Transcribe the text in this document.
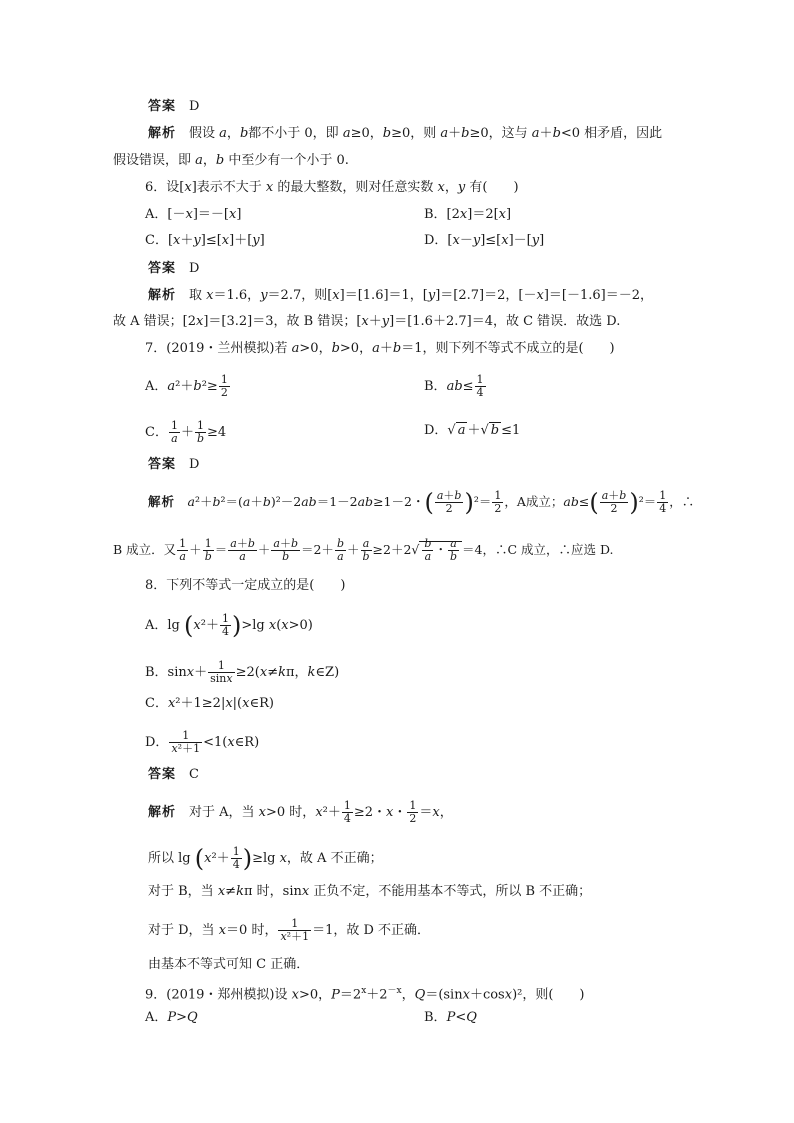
答案　D
解析　假设 a，b都不小于 0，即 a≥0，b≥0，则 a＋b≥0，这与 a＋b<0 相矛盾，因此
假设错误，即 a，b 中至少有一个小于 0.
6．设[x]表示不大于 x 的最大整数，则对任意实数 x，y 有(　　)
A．[－x]＝－[x]	B．[2x]＝2[x]
C．[x＋y]≤[x]＋[y]	D．[x－y]≤[x]－[y]
答案　D
解析　取 x＝1.6，y＝2.7，则[x]＝[1.6]＝1，[y]＝[2.7]＝2，[－x]＝[－1.6]＝－2，
故 A 错误；[2x]＝[3.2]＝3，故 B 错误；[x＋y]＝[1.6＋2.7]＝4，故 C 错误．故选 D.
7．(2019・兰州模拟)若 a>0，b>0，a＋b＝1，则下列不等式不成立的是(　　)
A．$a^2+b^2\ge \frac{1}{2}$	B．$ab\le \frac{1}{4}$
C． $\frac{1}{a} + \frac{1}{b} \ge 4$	D．√ a ＋√ b ≤1
答案　D
解析　 a²＋b²＝(a＋b)²－2ab＝1－2ab≥1－2・( $\frac{a+b}{2} )^2= \frac{1}{2}$ ，A成立；$ab\le( \frac{a+b}{2} )^2= \frac{1}{4}$ ，∴
B 成立．又 $\frac{1}{a} + \frac{1}{b} = \frac{a+b}{a} + \frac{a+b}{b} =2+ \frac{b}{a} + \frac{a}{b} \ge 2+2√ \frac{b}{a}$ ・ $\frac{a}{b} =4$，∴C 成立，∴应选 D.
8．下列不等式一定成立的是(　　)
A．$\lg (x^2+ \frac{1}{4} )>\lg$ x(x>0)
B．$\sin x+ \frac{1}{\sin x} \ge 2(x\ne k\pi$，k∈Z)
C．x²＋1≥2|x|(x∈R)
D． $\frac{1}{\text{x²＋1}}$ <1(x∈R)
答案　C
解析　对于 A，当 x>0 时，$x^2+ \frac{1}{4} \ge 2$・x・ $\frac{1}{2} =x$，
所以 $\lg (x^2+ \frac{1}{4} )\ge\lg$ x，故 A 不正确；
对于 B，当 x≠kπ 时，sinx 正负不定，不能用基本不等式，所以 B 不正确；
对于 D，当 x＝0 时， $\frac{1}{\text{x²＋1}} =1$，故 D 不正确．
由基本不等式可知 C 正确．
9．(2019・郑州模拟)设 x>0，$P=2^x+2^{-x}$，Q＝(sinx＋cosx)²，则(　　)
A．P>Q	B．P<Q
